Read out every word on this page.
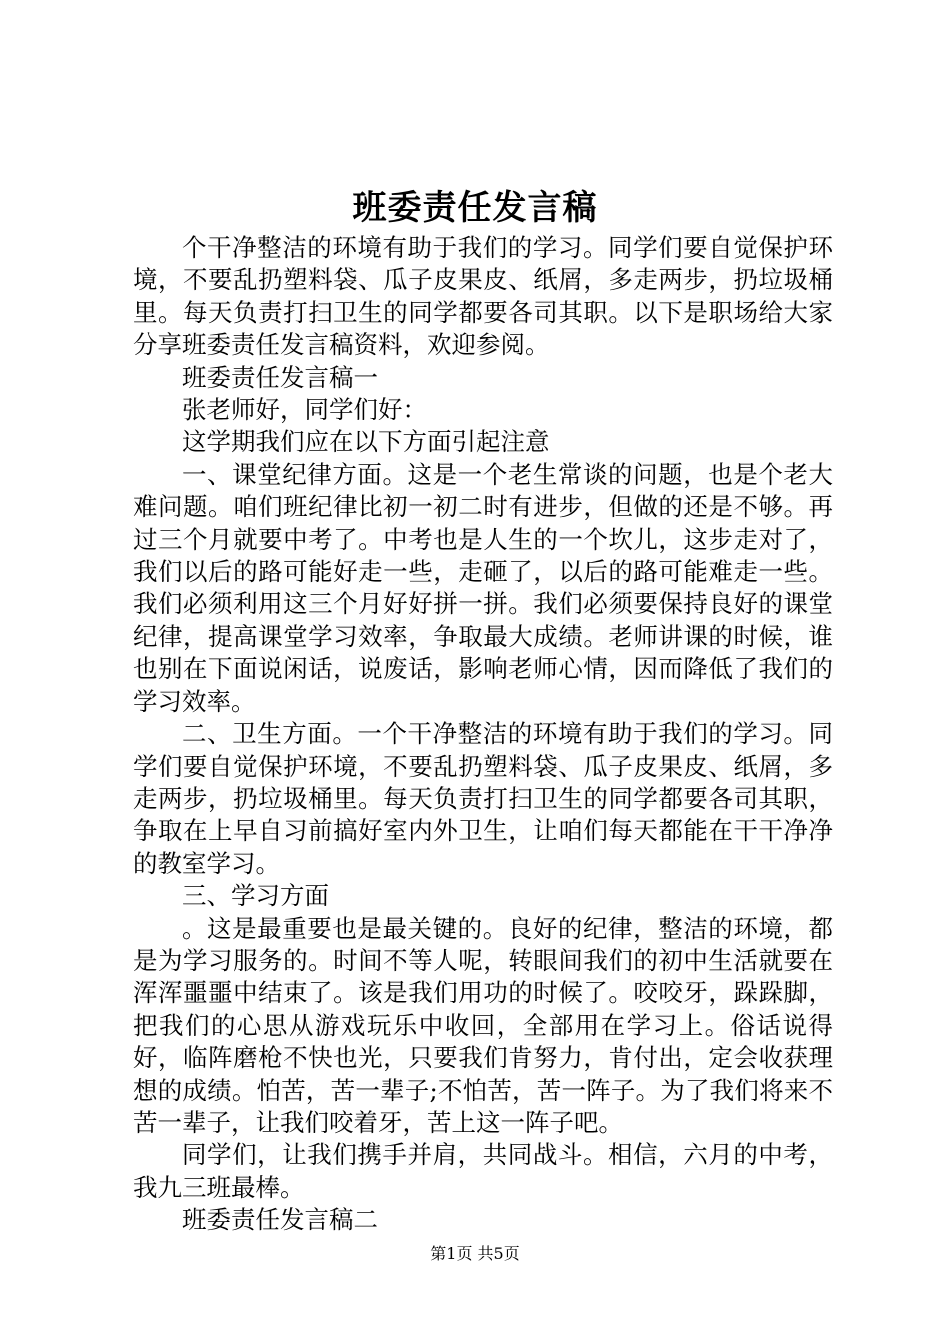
班委责任发言稿

个干净整洁的环境有助于我们的学习。同学们要自觉保护环境，不要乱扔塑料袋、瓜子皮果皮、纸屑，多走两步，扔垃圾桶里。每天负责打扫卫生的同学都要各司其职。以下是职场给大家分享班委责任发言稿资料，欢迎参阅。

班委责任发言稿一

张老师好，同学们好：

这学期我们应在以下方面引起注意

一、课堂纪律方面。这是一个老生常谈的问题，也是个老大难问题。咱们班纪律比初一初二时有进步，但做的还是不够。再过三个月就要中考了。中考也是人生的一个坎儿，这步走对了，我们以后的路可能好走一些，走砸了，以后的路可能难走一些。我们必须利用这三个月好好拼一拼。我们必须要保持良好的课堂纪律，提高课堂学习效率，争取最大成绩。老师讲课的时候，谁也别在下面说闲话，说废话，影响老师心情，因而降低了我们的学习效率。

二、卫生方面。一个干净整洁的环境有助于我们的学习。同学们要自觉保护环境，不要乱扔塑料袋、瓜子皮果皮、纸屑，多走两步，扔垃圾桶里。每天负责打扫卫生的同学都要各司其职，争取在上早自习前搞好室内外卫生，让咱们每天都能在干干净净的教室学习。

三、学习方面

。这是最重要也是最关键的。良好的纪律，整洁的环境，都是为学习服务的。时间不等人呢，转眼间我们的初中生活就要在浑浑噩噩中结束了。该是我们用功的时候了。咬咬牙，跺跺脚，把我们的心思从游戏玩乐中收回，全部用在学习上。俗话说得好，临阵磨枪不快也光，只要我们肯努力，肯付出，定会收获理想的成绩。怕苦，苦一辈子;不怕苦，苦一阵子。为了我们将来不苦一辈子，让我们咬着牙，苦上这一阵子吧。

同学们，让我们携手并肩，共同战斗。相信，六月的中考，我九三班最棒。

班委责任发言稿二

第1页 共5页
